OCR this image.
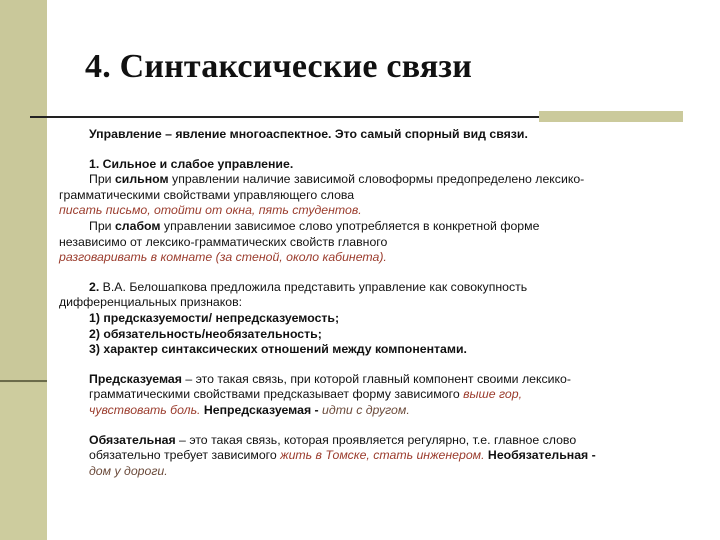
4. Синтаксические связи

Управление – явление многоаспектное. Это самый спорный вид связи.

1. Сильное и слабое управление.

При сильном управлении наличие зависимой словоформы предопределено лексико-

грамматическими свойствами управляющего слова

писать письмо, отойти от окна, пять студентов.

При слабом управлении зависимое слово употребляется в конкретной форме

независимо от лексико-грамматических свойств главного

разговаривать в комнате (за стеной, около кабинета).

2. В.А. Белошапкова предложила представить управление как совокупность

дифференциальных признаков:

1) предсказуемости/ непредсказуемость;

2) обязательность/необязательность;

3) характер синтаксических отношений между компонентами.

Предсказуемая – это такая связь, при которой главный компонент своими лексико-

грамматическими свойствами предсказывает форму зависимого выше гор,

чувствовать боль. Непредсказуемая - идти с другом.

Обязательная – это такая связь, которая проявляется регулярно, т.е. главное слово

обязательно требует зависимого жить в Томске, стать инженером. Необязательная -

дом у дороги.
